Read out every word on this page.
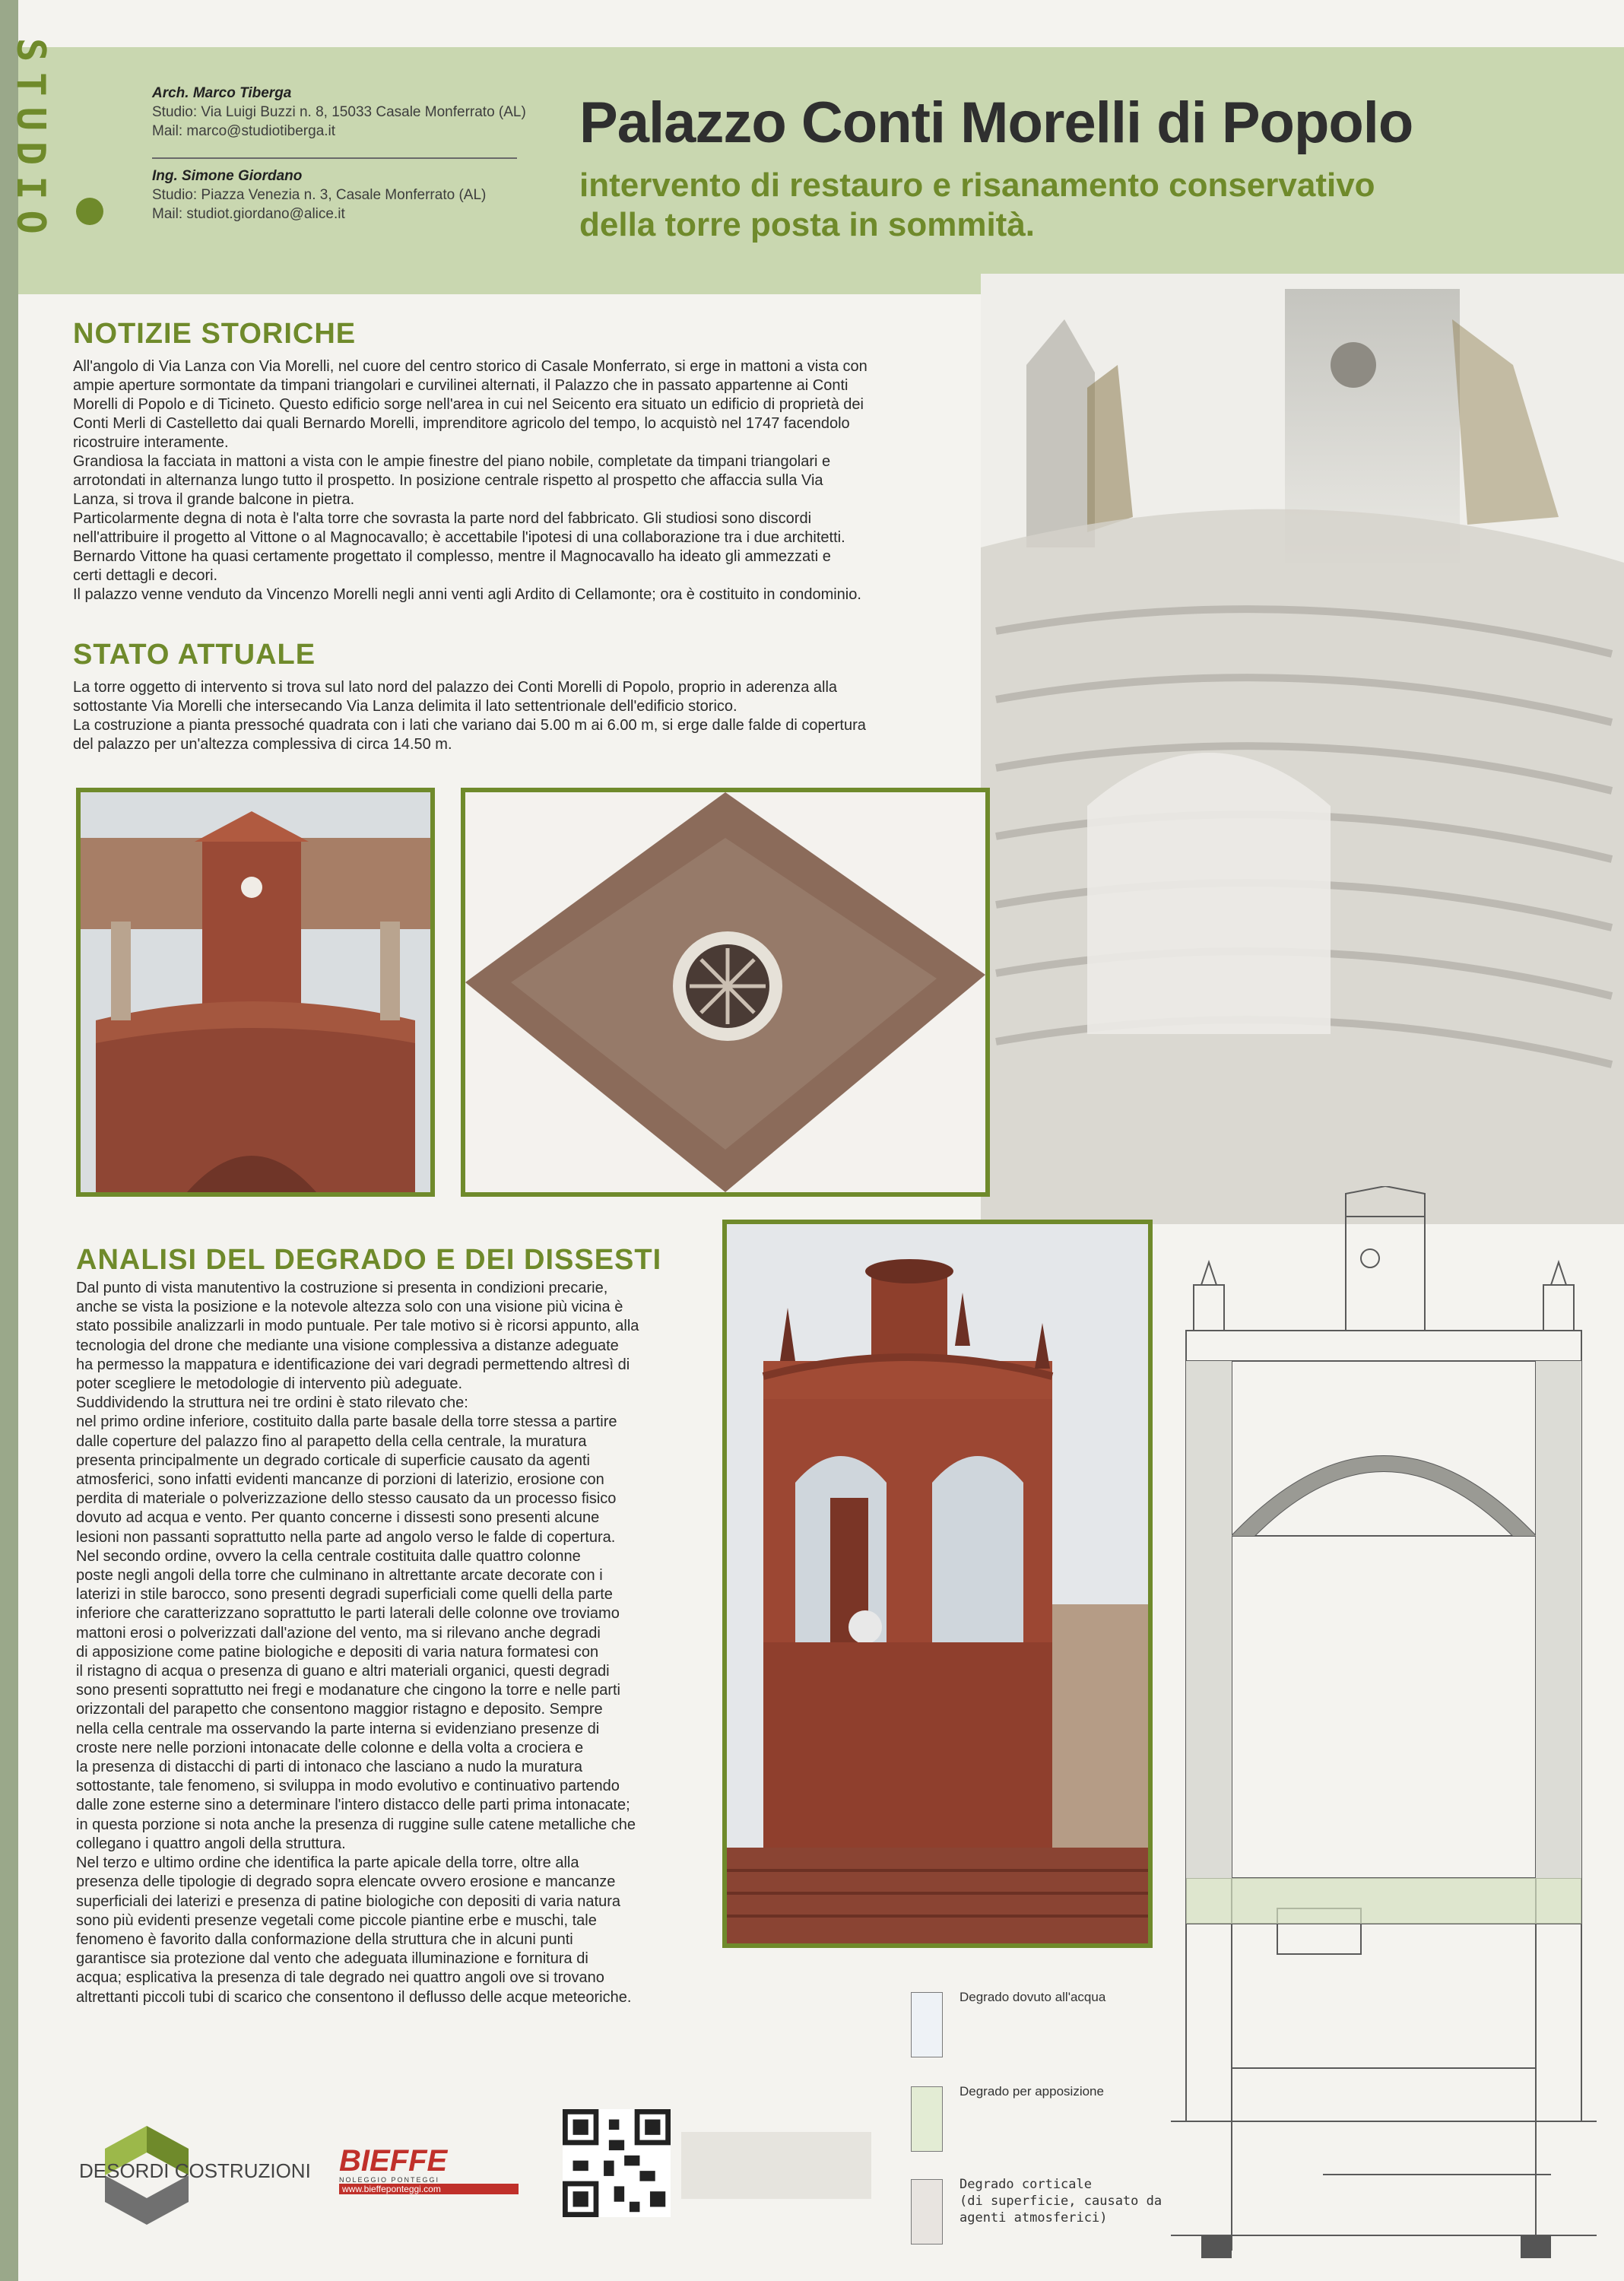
STUDIO	Arch. Marco Tiberga
Studio: Via Luigi Buzzi n. 8, 15033 Casale Monferrato (AL)
Mail: marco@studiotiberga.it
Ing. Simone Giordano
Studio: Piazza Venezia n. 3, Casale Monferrato (AL)
Mail: studiot.giordano@alice.it
Palazzo Conti Morelli di Popolo
intervento di restauro e risanamento conservativo
della torre posta in sommità.
NOTIZIE STORICHE

All'angolo di Via Lanza con Via Morelli, nel cuore del centro storico di Casale Monferrato, si erge in mattoni a vista con

ampie aperture sormontate da timpani triangolari e curvilinei alternati, il Palazzo che in passato appartenne ai Conti

Morelli di Popolo e di Ticineto. Questo edificio sorge nell'area in cui nel Seicento era situato un edificio di proprietà dei

Conti Merli di Castelletto dai quali Bernardo Morelli, imprenditore agricolo del tempo, lo acquistò nel 1747 facendolo

ricostruire interamente.

Grandiosa la facciata in mattoni a vista con le ampie finestre del piano nobile, completate da timpani triangolari e

arrotondati in alternanza lungo tutto il prospetto. In posizione centrale rispetto al prospetto che affaccia sulla Via

Lanza, si trova il grande balcone in pietra.

Particolarmente degna di nota è l'alta torre che sovrasta la parte nord del fabbricato. Gli studiosi sono discordi

nell'attribuire il progetto al Vittone o al Magnocavallo; è accettabile l'ipotesi di una collaborazione tra i due architetti.

Bernardo Vittone ha quasi certamente progettato il complesso, mentre il Magnocavallo ha ideato gli ammezzati e

certi dettagli e decori.

Il palazzo venne venduto da Vincenzo Morelli negli anni venti agli Ardito di Cellamonte; ora è costituito in condominio.

STATO ATTUALE

La torre oggetto di intervento si trova sul lato nord del palazzo dei Conti Morelli di Popolo, proprio in aderenza alla

sottostante Via Morelli che intersecando Via Lanza delimita il lato settentrionale dell'edificio storico.

La costruzione a pianta pressoché quadrata con i lati che variano dai 5.00 m ai 6.00 m, si erge dalle falde di copertura

del palazzo per un'altezza complessiva di circa 14.50 m.

ANALISI DEL DEGRADO E DEI DISSESTI

Dal punto di vista manutentivo la costruzione si presenta in condizioni precarie,

anche se vista la posizione e la notevole altezza solo con una visione più vicina è

stato possibile analizzarli in modo puntuale. Per tale motivo si è ricorsi appunto, alla

tecnologia del drone che mediante una visione complessiva a distanze adeguate

ha permesso la mappatura e identificazione dei vari degradi permettendo altresì di

poter scegliere le metodologie di intervento più adeguate.

Suddividendo la struttura nei tre ordini è stato rilevato che:

nel primo ordine inferiore, costituito dalla parte basale della torre stessa a partire

dalle coperture del palazzo fino al parapetto della cella centrale, la muratura

presenta principalmente un degrado corticale di superficie causato da agenti

atmosferici, sono infatti evidenti mancanze di porzioni di laterizio, erosione con

perdita di materiale o polverizzazione dello stesso causato da un processo fisico

dovuto ad acqua e vento. Per quanto concerne i dissesti sono presenti alcune

lesioni non passanti soprattutto nella parte ad angolo verso le falde di copertura.

Nel secondo ordine, ovvero la cella centrale costituita dalle quattro colonne

poste negli angoli della torre che culminano in altrettante arcate decorate con i

laterizi in stile barocco, sono presenti degradi superficiali come quelli della parte

inferiore che caratterizzano soprattutto le parti laterali delle colonne ove troviamo

mattoni erosi o polverizzati dall'azione del vento, ma si rilevano anche degradi

di apposizione come patine biologiche e depositi di varia natura formatesi con

il ristagno di acqua o presenza di guano e altri materiali organici, questi degradi

sono presenti soprattutto nei fregi e modanature che cingono la torre e nelle parti

orizzontali del parapetto che consentono maggior ristagno e deposito. Sempre

nella cella centrale ma osservando la parte interna si evidenziano presenze di

croste nere nelle porzioni intonacate delle colonne e della volta a crociera e

la presenza di distacchi di parti di intonaco che lasciano a nudo la muratura

sottostante, tale fenomeno, si sviluppa in modo evolutivo e continuativo partendo

dalle zone esterne sino a determinare l'intero distacco delle parti prima intonacate;

in questa porzione si nota anche la presenza di ruggine sulle catene metalliche che

collegano i quattro angoli della struttura.

Nel terzo e ultimo ordine che identifica la parte apicale della torre, oltre alla

presenza delle tipologie di degrado sopra elencate ovvero erosione e mancanze

superficiali dei laterizi e presenza di patine biologiche con depositi di varia natura

sono più evidenti presenze vegetali come piccole piantine erbe e muschi, tale

fenomeno è favorito dalla conformazione della struttura che in alcuni punti

garantisce sia protezione dal vento che adeguata illuminazione e fornitura di

acqua; esplicativa la presenza di tale degrado nei quattro angoli ove si trovano

altrettanti piccoli tubi di scarico che consentono il deflusso delle acque meteoriche.	Degrado dovuto all'acqua
Degrado per apposizione
Degrado corticale
(di superficie, causato da
agenti atmosferici)
DESORDI COSTRUZIONI BIEFFE
NOLEGGIO PONTEGGI
www.bieffeponteggi.com
